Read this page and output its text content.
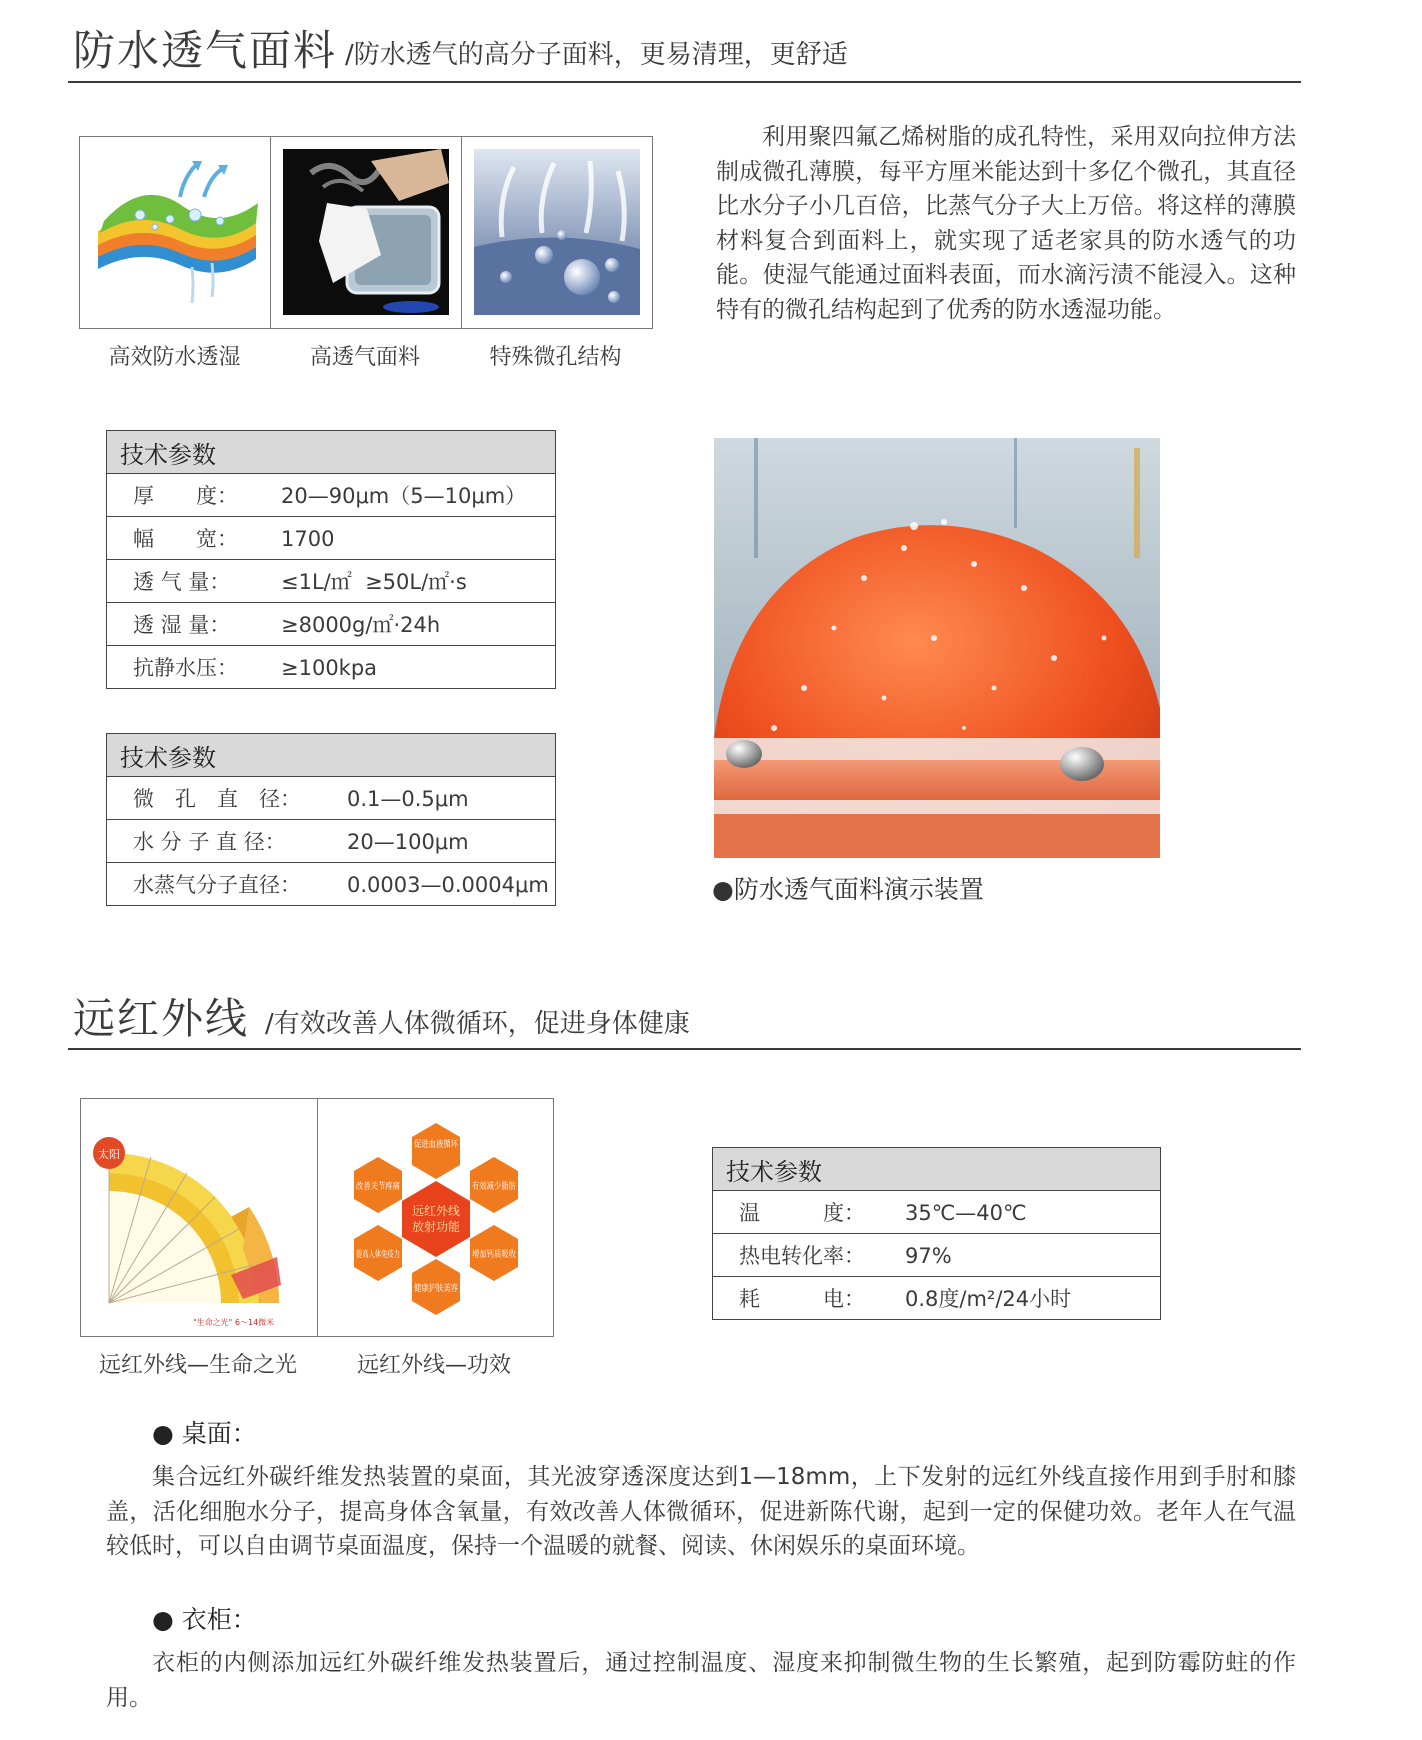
防水透气面料 /防水透气的高分子面料，更易清理，更舒适
高效防水透湿	高透气面料	特殊微孔结构
利用聚四氟乙烯树脂的成孔特性，采用双向拉伸方法制成微孔薄膜，每平方厘米能达到十多亿个微孔，其直径比水分子小几百倍，比蒸气分子大上万倍。将这样的薄膜材料复合到面料上，就实现了适老家具的防水透气的功能。使湿气能通过面料表面，而水滴污渍不能浸入。这种特有的微孔结构起到了优秀的防水透湿功能。
技术参数
厚　　度： 20—90μm（5—10μm）
幅　　宽： 1700
透 气 量： ≤1L/㎡  ≥50L/㎡·s
透 湿 量： ≥8000g/㎡·24h
抗静水压： ≥100kpa
技术参数
微　孔　直　径： 0.1—0.5μm
水 分 子 直 径：	20—100μm
水蒸气分子直径： 0.0003—0.0004μm	●防水透气面料演示装置
远红外线 /有效改善人体微循环，促进身体健康
太阳
"生命之光" 6～14微米
促进血液循环
有效减少脂肪
增加钙质吸收
健康护肤美容
提高人体免疫力
改善关节疼痛
远红外线
放射功能
远红外线—生命之光	远红外线—功效
技术参数
温　　　度： 35℃—40℃
热电转化率： 97%
耗　　　电： 0.8度/m²/24小时
● 桌面：
集合远红外碳纤维发热装置的桌面，其光波穿透深度达到1—18mm，上下发射的远红外线直接作用到手肘和膝盖，活化细胞水分子，提高身体含氧量，有效改善人体微循环，促进新陈代谢，起到一定的保健功效。老年人在气温较低时，可以自由调节桌面温度，保持一个温暖的就餐、阅读、休闲娱乐的桌面环境。
● 衣柜：
衣柜的内侧添加远红外碳纤维发热装置后，通过控制温度、湿度来抑制微生物的生长繁殖，起到防霉防蛀的作用。
